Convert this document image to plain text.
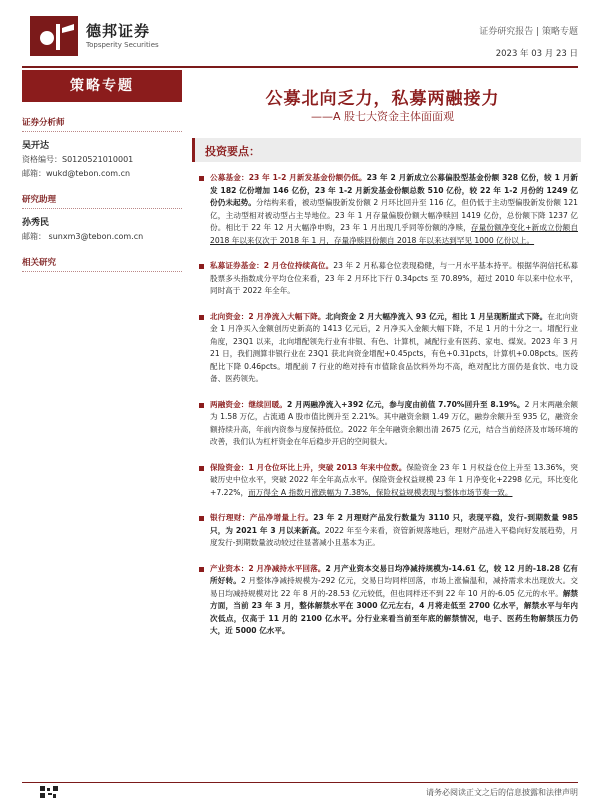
德邦证券
Topsperity Securities
证券研究报告 | 策略专题
2023 年 03 月 23 日
策略专题
证券分析师
吴开达
资格编号：S0120521010001
邮箱：wukd@tebon.com.cn
研究助理
孙秀民
邮箱： sunxm3@tebon.com.cn
相关研究
公募北向乏力，私募两融接力
——A 股七大资金主体面面观
投资要点：
公募基金：23 年 1-2 月新发基金份额仍低。23 年 2 月新成立公募偏股型基金份额 328 亿份，较 1 月新发 182 亿份增加 146 亿份，23 年 1-2 月新发基金份额总数 510 亿份，较 22 年 1-2 月份的 1249 亿份仍未起势。分结构来看，被动型偏股新发份额 2 月环比回升至 116 亿，但仍低于主动型偏股新发份额 121 亿，主动型相对被动型占主导地位。23 年 1 月存量偏股份额大幅净赎回 1419 亿份，总份额下降 1237 亿份。相比于 22 年 12 月大幅净申购，23 年 1 月出现几乎同等份额的净赎，存量份额净变化+新成立份额自 2018 年以来仅次于 2018 年 1 月，存量净赎回份额自 2018 年以来达到罕见 1000 亿份以上。
私募证券基金：2 月仓位持续高位。23 年 2 月私募仓位表现稳健，与一月水平基本持平。根据华润信托私募股票多头指数成分平均仓位来看，23 年 2 月环比下行 0.34pcts 至 70.89%，超过 2010 年以来中位水平，同时高于 2022 年全年。
北向资金：2 月净流入大幅下降。北向资金 2 月大幅净流入 93 亿元，相比 1 月呈现断崖式下降。在北向资金 1 月净买入金额创历史新高的 1413 亿元后，2 月净买入金额大幅下降，不足 1 月的十分之一。增配行业角度，23Q1 以来，北向增配领先行业有非银、有色、计算机，减配行业有医药、家电、煤炭。2023 年 3 月 21 日，我们测算非银行业在 23Q1 获北向资金增配+0.45pcts，有色+0.31pcts，计算机+0.08pcts。医药配比下降 0.46pcts。增配前 7 行业的绝对持有市值除食品饮料外均不高，绝对配比方面仍是食饮、电力设备、医药领先。
两融资金：继续回暖。2 月两融净流入+392 亿元，参与度由前值 7.70%回升至 8.19%。2 月末两融余额为 1.58 万亿，占流通 A 股市值比例升至 2.21%。其中融资余额 1.49 万亿，融券余额升至 935 亿，融资余额持续升高，年前内资参与度保持低位。2022 年全年融资余额出清 2675 亿元，结合当前经济及市场环境的改善，我们认为杠杆资金在年后稳步开启的空间很大。
保险资金：1 月仓位环比上升，突破 2013 年来中位数。保险资金 23 年 1 月权益仓位上升至 13.36%，突破历史中位水平，突破 2022 年全年高点水平。保险资金权益规模 23 年 1 月净变化+2298 亿元，环比变化+7.22%，而万得全 A 指数月涨跌幅为 7.38%，保险权益规模表现与整体市场节奏一致。
银行理财：产品净增量上行。23 年 2 月理财产品发行数量为 3110 只，表现平稳，发行-到期数量 985 只，为 2021 年 3 月以来新高。2022 年至今来看，资管新规落地后，理财产品进入平稳向好发展趋势，月度发行-到期数量波动较过往显著减小且基本为正。
产业资本：2 月净减持水平回落。2 月产业资本交易日均净减持规模为-14.61 亿，较 12 月的-18.28 亿有所好转。2 月整体净减持规模为-292 亿元，交易日均同样回落，市场上涨偏温和，减持需求未出现放大。交易日均减持规模对比 22 年 8 月的-28.53 亿元较低，但也同样还不到 22 年 10 月的-6.05 亿元的水平。解禁方面，当前 23 年 3 月，整体解禁水平在 3000 亿元左右，4 月将走低至 2700 亿水平，解禁水平与年内次低点，仅高于 11 月的 2100 亿水平。分行业来看当前至年底的解禁情况，电子、医药生物解禁压力仍大，近 5000 亿水平。
请务必阅读正文之后的信息披露和法律声明
